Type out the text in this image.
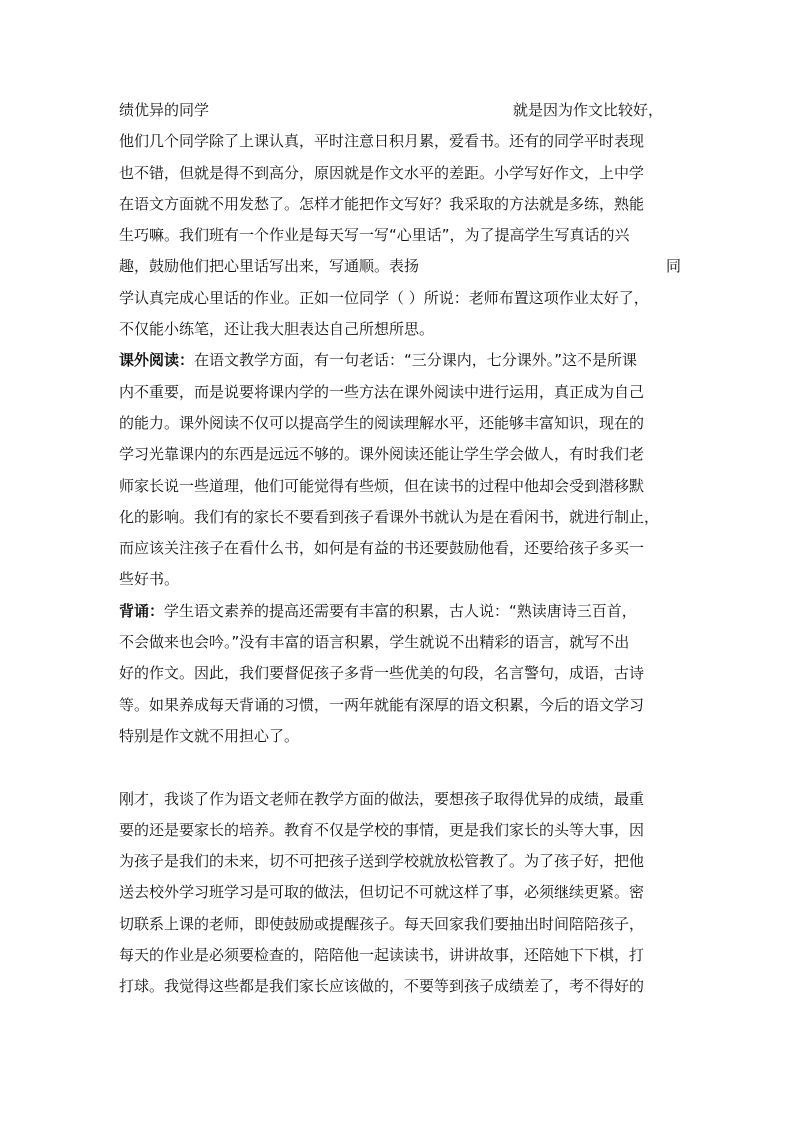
绩优异的同学	就是因为作文比较好，
他们几个同学除了上课认真，平时注意日积月累，爱看书。还有的同学平时表现
也不错，但就是得不到高分，原因就是作文水平的差距。小学写好作文，上中学
在语文方面就不用发愁了。怎样才能把作文写好？我采取的方法就是多练，熟能
生巧嘛。我们班有一个作业是每天写一写“心里话”，为了提高学生写真话的兴
趣，鼓励他们把心里话写出来，写通顺。表扬	同
学认真完成心里话的作业。正如一位同学（ ）所说：老师布置这项作业太好了，
不仅能小练笔，还让我大胆表达自己所想所思。
课外阅读：在语文教学方面，有一句老话：“三分课内，七分课外。”这不是所课
内不重要，而是说要将课内学的一些方法在课外阅读中进行运用，真正成为自己
的能力。课外阅读不仅可以提高学生的阅读理解水平，还能够丰富知识，现在的
学习光靠课内的东西是远远不够的。课外阅读还能让学生学会做人，有时我们老
师家长说一些道理，他们可能觉得有些烦，但在读书的过程中他却会受到潜移默
化的影响。我们有的家长不要看到孩子看课外书就认为是在看闲书，就进行制止，
而应该关注孩子在看什么书，如何是有益的书还要鼓励他看，还要给孩子多买一
些好书。
背诵：学生语文素养的提高还需要有丰富的积累，古人说：“熟读唐诗三百首，
不会做来也会吟。”没有丰富的语言积累，学生就说不出精彩的语言，就写不出
好的作文。因此，我们要督促孩子多背一些优美的句段，名言警句，成语，古诗
等。如果养成每天背诵的习惯，一两年就能有深厚的语文积累，今后的语文学习
特别是作文就不用担心了。
刚才，我谈了作为语文老师在教学方面的做法，要想孩子取得优异的成绩，最重
要的还是要家长的培养。教育不仅是学校的事情，更是我们家长的头等大事，因
为孩子是我们的未来，切不可把孩子送到学校就放松管教了。为了孩子好，把他
送去校外学习班学习是可取的做法，但切记不可就这样了事，必须继续更紧。密
切联系上课的老师，即使鼓励或提醒孩子。每天回家我们要抽出时间陪陪孩子，
每天的作业是必须要检查的，陪陪他一起读读书，讲讲故事，还陪她下下棋，打
打球。我觉得这些都是我们家长应该做的，不要等到孩子成绩差了，考不得好的
